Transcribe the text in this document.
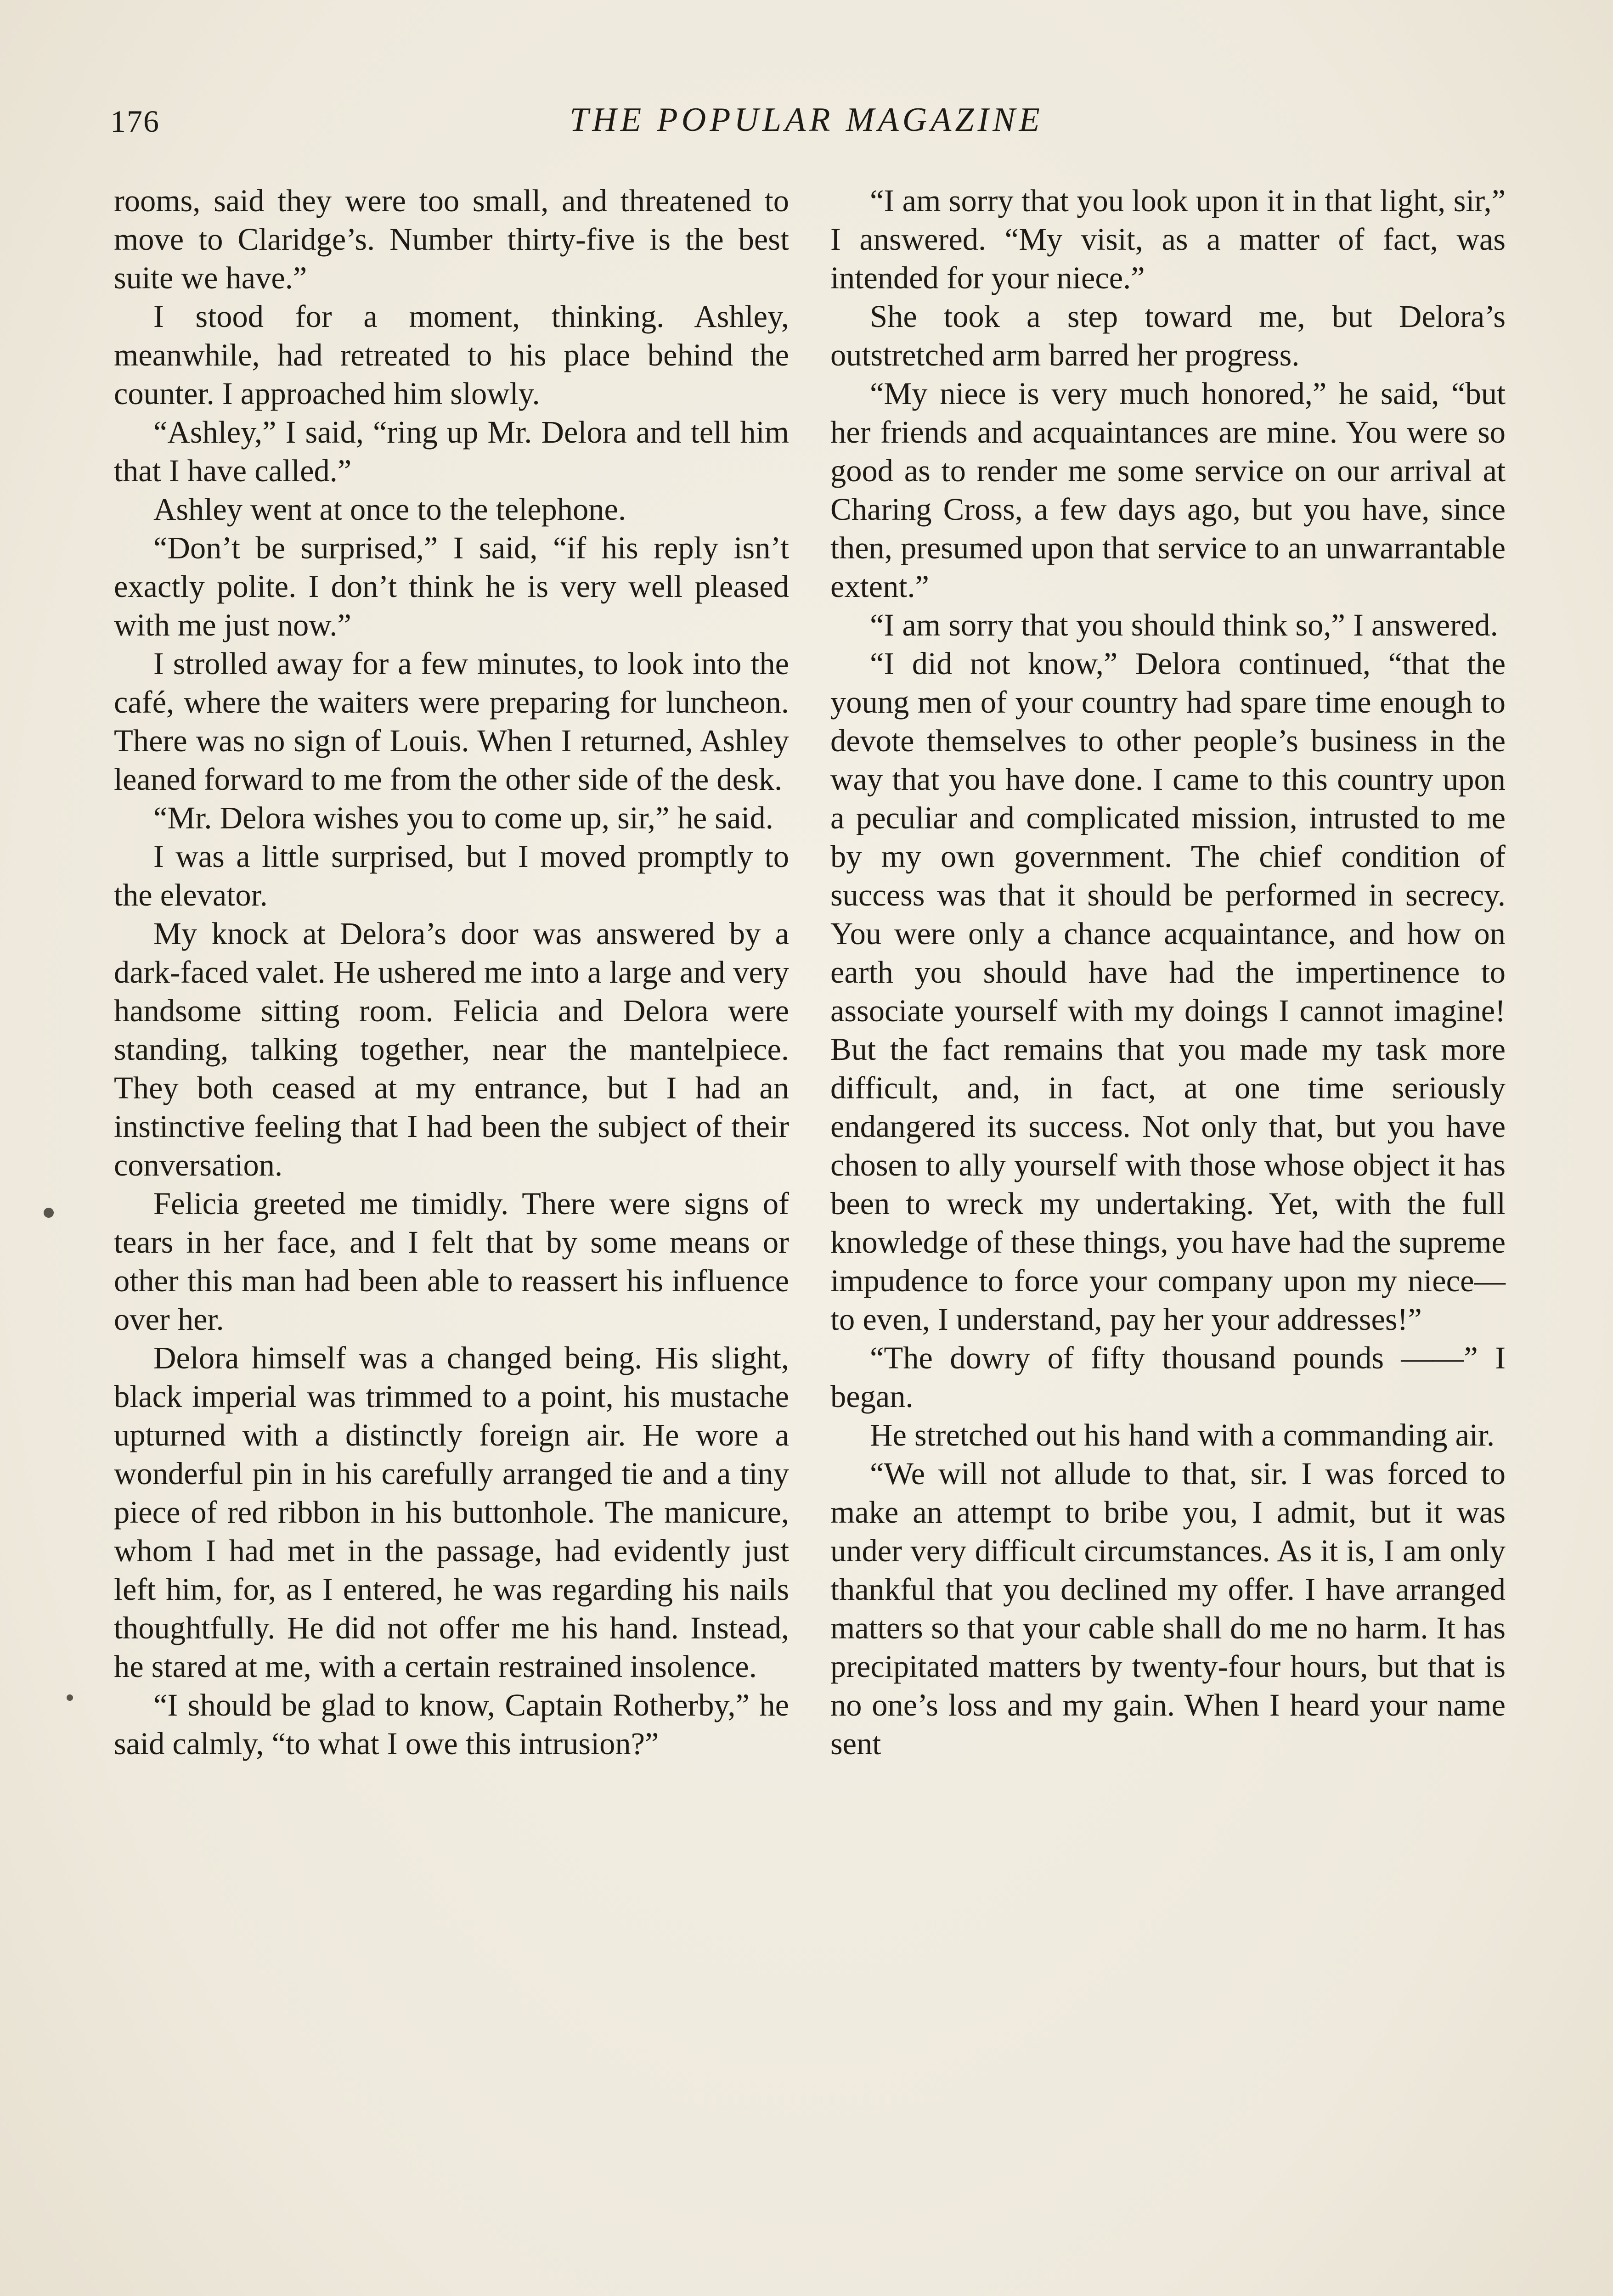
176	THE POPULAR MAGAZINE

rooms, said they were too small, and threatened to move to Claridge’s. Number thirty-five is the best suite we have.”

I stood for a moment, thinking. Ashley, meanwhile, had retreated to his place behind the counter. I approached him slowly.

“Ashley,” I said, “ring up Mr. Delora and tell him that I have called.”

Ashley went at once to the telephone.

“Don’t be surprised,” I said, “if his reply isn’t exactly polite. I don’t think he is very well pleased with me just now.”

I strolled away for a few minutes, to look into the café, where the waiters were preparing for luncheon. There was no sign of Louis. When I returned, Ashley leaned forward to me from the other side of the desk.

“Mr. Delora wishes you to come up, sir,” he said.

I was a little surprised, but I moved promptly to the elevator.

My knock at Delora’s door was answered by a dark-faced valet. He ushered me into a large and very handsome sitting room. Felicia and Delora were standing, talking together, near the mantelpiece. They both ceased at my entrance, but I had an instinctive feeling that I had been the subject of their conversation.

Felicia greeted me timidly. There were signs of tears in her face, and I felt that by some means or other this man had been able to reassert his influence over her.

Delora himself was a changed being. His slight, black imperial was trimmed to a point, his mustache upturned with a distinctly foreign air. He wore a wonderful pin in his carefully arranged tie and a tiny piece of red ribbon in his buttonhole. The manicure, whom I had met in the passage, had evidently just left him, for, as I entered, he was regarding his nails thoughtfully. He did not offer me his hand. Instead, he stared at me, with a certain restrained insolence.

“I should be glad to know, Captain Rotherby,” he said calmly, “to what I owe this intrusion?”

“I am sorry that you look upon it in that light, sir,” I answered. “My visit, as a matter of fact, was intended for your niece.”

She took a step toward me, but Delora’s outstretched arm barred her progress.

“My niece is very much honored,” he said, “but her friends and acquaintances are mine. You were so good as to render me some service on our arrival at Charing Cross, a few days ago, but you have, since then, presumed upon that service to an unwarrantable extent.”

“I am sorry that you should think so,” I answered.

“I did not know,” Delora continued, “that the young men of your country had spare time enough to devote themselves to other people’s business in the way that you have done. I came to this country upon a peculiar and complicated mission, intrusted to me by my own government. The chief condition of success was that it should be performed in secrecy. You were only a chance acquaintance, and how on earth you should have had the impertinence to associate yourself with my doings I cannot imagine! But the fact remains that you made my task more difficult, and, in fact, at one time seriously endangered its success. Not only that, but you have chosen to ally yourself with those whose object it has been to wreck my undertaking. Yet, with the full knowledge of these things, you have had the supreme impudence to force your company upon my niece—to even, I understand, pay her your addresses!”

“The dowry of fifty thousand pounds ——” I began.

He stretched out his hand with a commanding air.

“We will not allude to that, sir. I was forced to make an attempt to bribe you, I admit, but it was under very difficult circumstances. As it is, I am only thankful that you declined my offer. I have arranged matters so that your cable shall do me no harm. It has precipitated matters by twenty-four hours, but that is no one’s loss and my gain. When I heard your name sent
